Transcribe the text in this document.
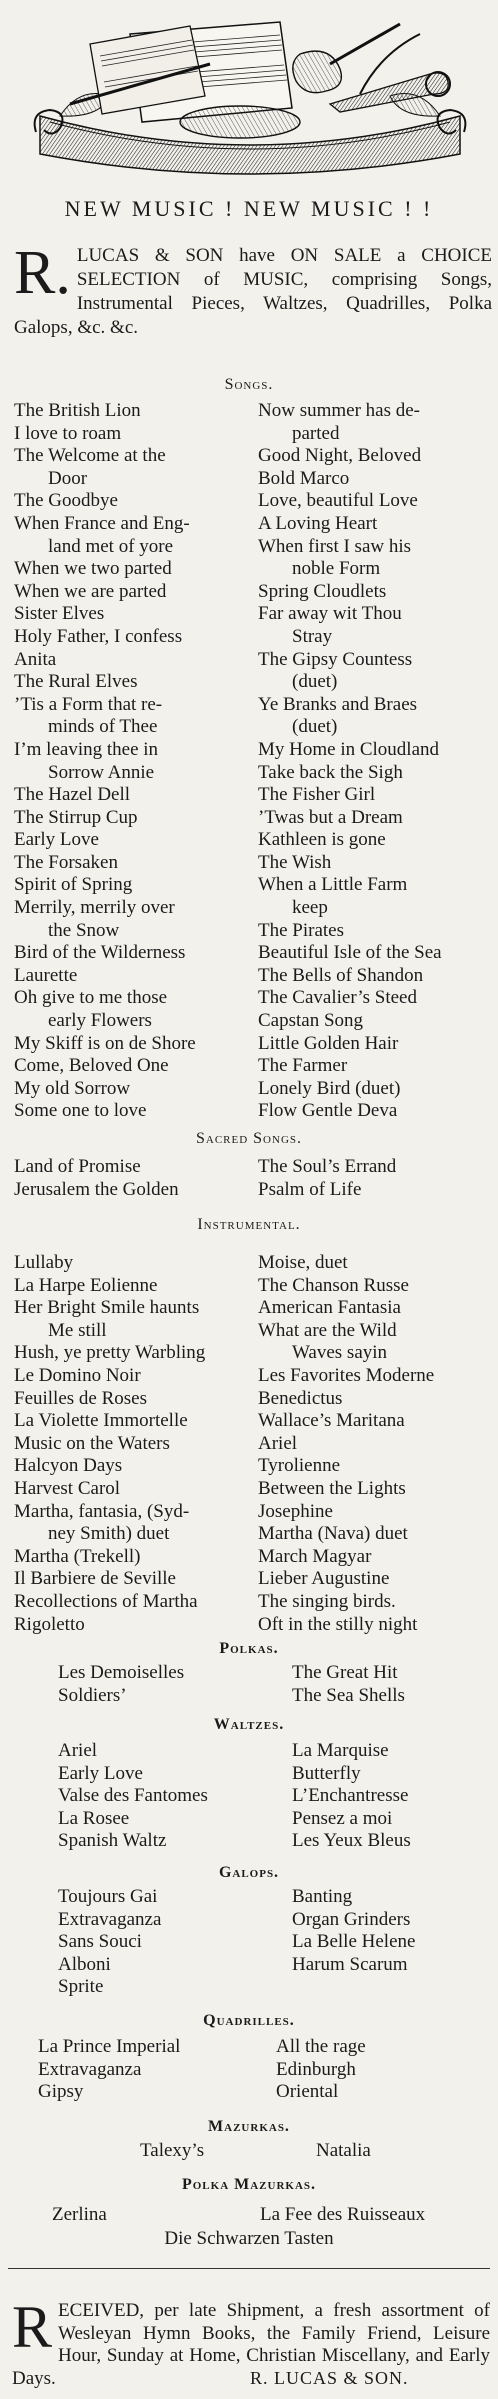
NEW MUSIC ! NEW MUSIC ! !
R. LUCAS & SON have ON SALE a CHOICE SELECTION of MUSIC, comprising Songs, Instrumental Pieces, Waltzes, Quadrilles, Polka Galops, &c. &c.
Songs.
The British Lion
I love to roam
The Welcome at the
Door
The Goodbye
When France and Eng-
land met of yore
When we two parted
When we are parted
Sister Elves
Holy Father, I confess
Anita
The Rural Elves
’Tis a Form that re-
minds of Thee
I’m leaving thee in
Sorrow Annie
The Hazel Dell
The Stirrup Cup
Early Love
The Forsaken
Spirit of Spring
Merrily, merrily over
the Snow
Bird of the Wilderness
Laurette
Oh give to me those
early Flowers
My Skiff is on de Shore
Come, Beloved One
My old Sorrow
Some one to love
Now summer has de-
parted
Good Night, Beloved
Bold Marco
Love, beautiful Love
A Loving Heart
When first I saw his
noble Form
Spring Cloudlets
Far away wit Thou
Stray
The Gipsy Countess
(duet)
Ye Branks and Braes
(duet)
My Home in Cloudland
Take back the Sigh
The Fisher Girl
’Twas but a Dream
Kathleen is gone
The Wish
When a Little Farm
keep
The Pirates
Beautiful Isle of the Sea
The Bells of Shandon
The Cavalier’s Steed
Capstan Song
Little Golden Hair
The Farmer
Lonely Bird (duet)
Flow Gentle Deva
Sacred Songs.
Land of Promise
Jerusalem the Golden
The Soul’s Errand
Psalm of Life
Instrumental.
Lullaby
La Harpe Eolienne
Her Bright Smile haunts
Me still
Hush, ye pretty Warbling
Le Domino Noir
Feuilles de Roses
La Violette Immortelle
Music on the Waters
Halcyon Days
Harvest Carol
Martha, fantasia, (Syd-
ney Smith) duet
Martha (Trekell)
Il Barbiere de Seville
Recollections of Martha
Rigoletto
Moise, duet
The Chanson Russe
American Fantasia
What are the Wild
Waves sayin
Les Favorites Moderne
Benedictus
Wallace’s Maritana
Ariel
Tyrolienne
Between the Lights
Josephine
Martha (Nava) duet
March Magyar
Lieber Augustine
The singing birds.
Oft in the stilly night
Polkas.
Les Demoiselles
Soldiers’
The Great Hit
The Sea Shells
Waltzes.
Ariel
Early Love
Valse des Fantomes
La Rosee
Spanish Waltz
La Marquise
Butterfly
L’Enchantresse
Pensez a moi
Les Yeux Bleus
Galops.
Toujours Gai
Extravaganza
Sans Souci
Alboni
Sprite
Banting
Organ Grinders
La Belle Helene
Harum Scarum
Quadrilles.
La Prince Imperial
Extravaganza
Gipsy
All the rage
Edinburgh
Oriental
Mazurkas.
Talexy’s	Natalia
Polka Mazurkas.
Zerlina	La Fee des Ruisseaux
Die Schwarzen Tasten
RECEIVED, per late Shipment, a fresh assortment of Wesleyan Hymn Books, the Family Friend, Leisure Hour, Sunday at Home, Christian Miscellany, and Early Days.	R. LUCAS & SON.
